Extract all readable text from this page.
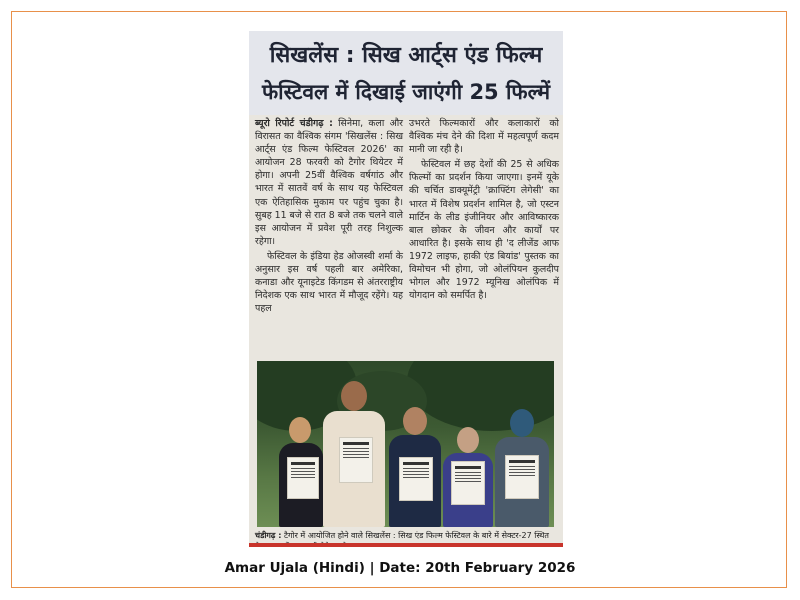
सिखलेंस : सिख आर्ट्स एंड फिल्म
फेस्टिवल में दिखाई जाएंगी 25 फिल्में

ब्यूरो रिपोर्ट चंडीगढ़ : सिनेमा, कला और विरासत का वैश्विक संगम 'सिखलेंस : सिख आर्ट्स एंड फिल्म फेस्टिवल 2026' का आयोजन 28 फरवरी को टैगोर थियेटर में होगा। अपनी 25वीं वैश्विक वर्षगांठ और भारत में सातवें वर्ष के साथ यह फेस्टिवल एक ऐतिहासिक मुकाम पर पहुंच चुका है। सुबह 11 बजे से रात 8 बजे तक चलने वाले इस आयोजन में प्रवेश पूरी तरह निशुल्क रहेगा।

फेस्टिवल के इंडिया हेड ओजस्वी शर्मा के अनुसार इस वर्ष पहली बार अमेरिका, कनाडा और यूनाइटेड किंगडम से अंतरराष्ट्रीय निदेशक एक साथ भारत में मौजूद रहेंगे। यह पहल

उभरते फिल्मकारों और कलाकारों को वैश्विक मंच देने की दिशा में महत्वपूर्ण कदम मानी जा रही है।

फेस्टिवल में छह देशों की 25 से अधिक फिल्मों का प्रदर्शन किया जाएगा। इनमें यूके की चर्चित डाक्यूमेंट्री 'क्राफ्टिंग लेगेसी' का भारत में विशेष प्रदर्शन शामिल है, जो एस्टन मार्टिन के लीड इंजीनियर और आविष्कारक बाल छोकर के जीवन और कार्यों पर आधारित है। इसके साथ ही 'द लीजेंड आफ 1972 लाइफ, हाकी एंड बियांड' पुस्तक का विमोचन भी होगा, जो ओलंपियन कुलदीप भोगल और 1972 म्यूनिख ओलंपिक में योगदान को समर्पित है।

चंडीगढ़ : टैगोर में आयोजित होने वाले सिखलेंस : सिख एंड फिल्म फेस्टिवल के बारे में सेक्टर-27 स्थित
Amar Ujala (Hindi) | Date: 20th February 2026
